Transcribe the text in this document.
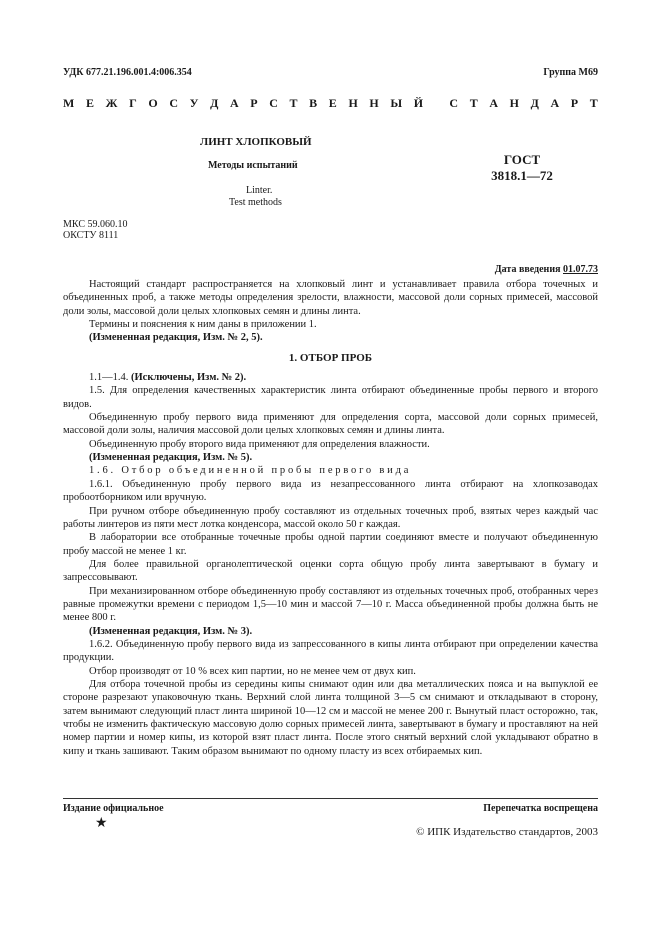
УДК 677.21.196.001.4:006.354	Группа М69
М Е Ж Г О С У Д А Р С Т В Е Н Н Ы Й
С Т А Н Д А Р Т
ЛИНТ ХЛОПКОВЫЙ
Методы испытаний
Linter.
Test methods
ГОСТ
3818.1—72
МКС 59.060.10
ОКСТУ 8111
Дата введения 01.07.73

Настоящий стандарт распространяется на хлопковый линт и устанавливает правила отбора точечных и объединенных проб, а также методы определения зрелости, влажности, массовой доли сорных примесей, массовой доли золы, массовой доли целых хлопковых семян и длины линта.

Термины и пояснения к ним даны в приложении 1.

(Измененная редакция, Изм. № 2, 5).

1. ОТБОР ПРОБ

1.1—1.4. (Исключены, Изм. № 2).

1.5. Для определения качественных характеристик линта отбирают объединенные пробы первого и второго видов.

Объединенную пробу первого вида применяют для определения сорта, массовой доли сорных примесей, массовой доли золы, наличия массовой доли целых хлопковых семян и длины линта.

Объединенную пробу второго вида применяют для определения влажности.

(Измененная редакция, Изм. № 5).

1.6. Отбор объединенной пробы первого вида

1.6.1. Объединенную пробу первого вида из незапрессованного линта отбирают на хлопкозаводах пробоотборником или вручную.

При ручном отборе объединенную пробу составляют из отдельных точечных проб, взятых через каждый час работы линтеров из пяти мест лотка конденсора, массой около 50 г каждая.

В лаборатории все отобранные точечные пробы одной партии соединяют вместе и получают объединенную пробу массой не менее 1 кг.

Для более правильной органолептической оценки сорта общую пробу линта завертывают в бумагу и запрессовывают.

При механизированном отборе объединенную пробу составляют из отдельных точечных проб, отобранных через равные промежутки времени с периодом 1,5—10 мин и массой 7—10 г. Масса объединенной пробы должна быть не менее 800 г.

(Измененная редакция, Изм. № 3).

1.6.2. Объединенную пробу первого вида из запрессованного в кипы линта отбирают при определении качества продукции.

Отбор производят от 10 % всех кип партии, но не менее чем от двух кип.

Для отбора точечной пробы из середины кипы снимают один или два металлических пояса и на выпуклой ее стороне разрезают упаковочную ткань. Верхний слой линта толщиной 3—5 см снимают и откладывают в сторону, затем вынимают следующий пласт линта шириной 10—12 см и массой не менее 200 г. Вынутый пласт осторожно, так, чтобы не изменить фактическую массовую долю сорных примесей линта, завертывают в бумагу и проставляют на ней номер партии и номер кипы, из которой взят пласт линта. После этого снятый верхний слой укладывают обратно в кипу и ткань зашивают. Таким образом вынимают по одному пласту из всех отбираемых кип.

Издание официальное	Перепечатка воспрещена
★
© ИПК Издательство стандартов, 2003
